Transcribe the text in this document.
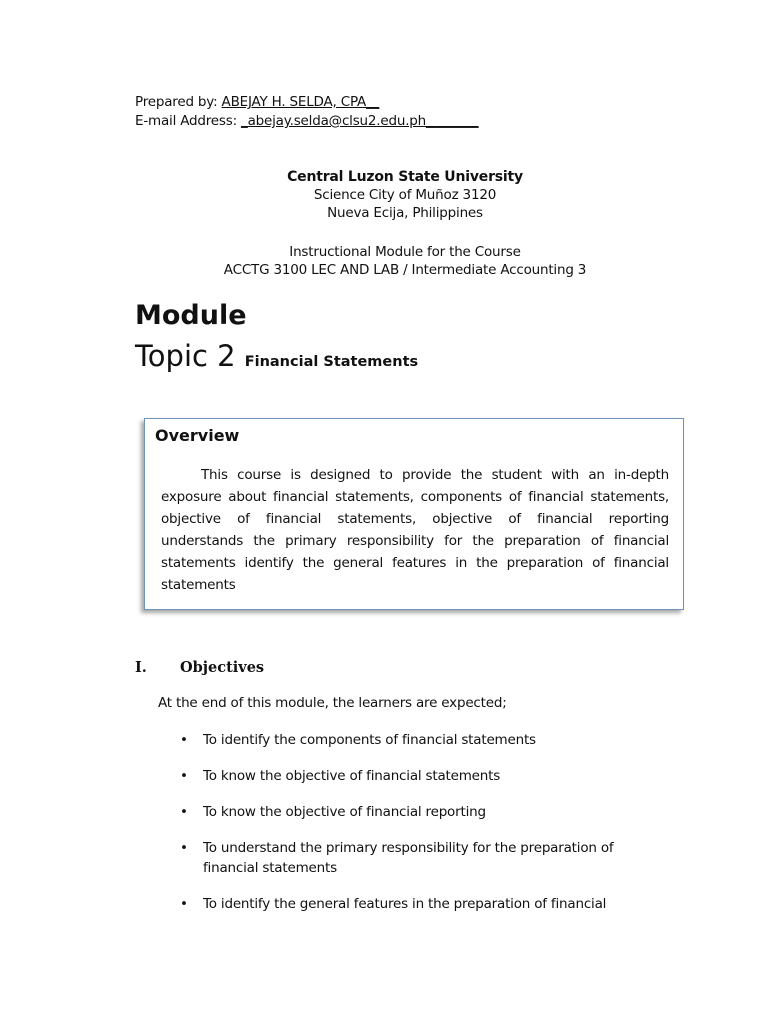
Prepared by: ABEJAY H. SELDA, CPA__
E-mail Address: _abejay.selda@clsu2.edu.ph________
Central Luzon State University
Science City of Muñoz 3120
Nueva Ecija, Philippines
Instructional Module for the Course
ACCTG 3100 LEC AND LAB / Intermediate Accounting 3
Module
Topic 2 Financial Statements
Overview
This course is designed to provide the student with an in-depth exposure about financial statements, components of financial statements, objective of financial statements, objective of financial reporting understands the primary responsibility for the preparation of financial statements identify the general features in the preparation of financial statements
I. Objectives
At the end of this module, the learners are expected;
• To identify the components of financial statements
• To know the objective of financial statements
• To know the objective of financial reporting
• To understand the primary responsibility for the preparation of financial statements
• To identify the general features in the preparation of financial
